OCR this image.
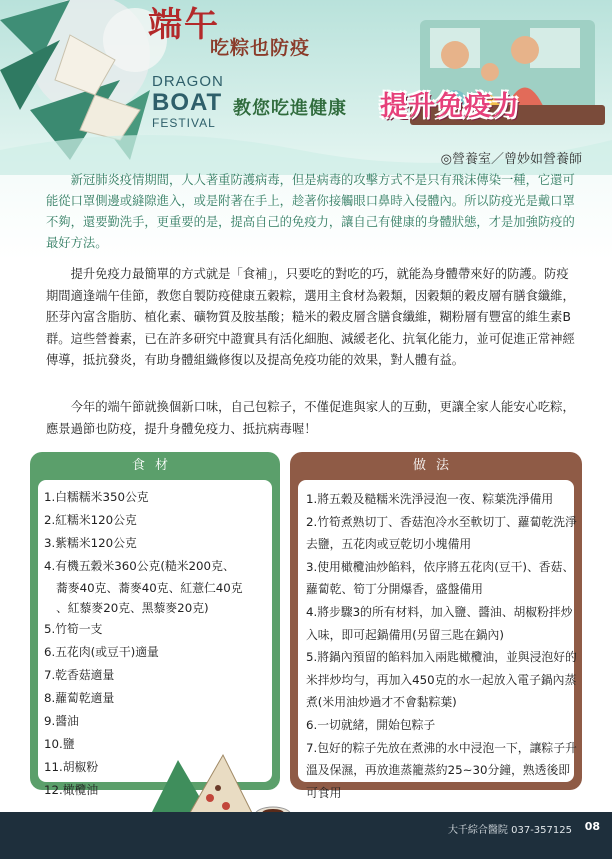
端午
DRAGON
BOAT
FESTIVAL
吃粽也防疫
教您吃進健康 提升免疫力
◎營養室／曾妙如營養師

新冠肺炎疫情期間，人人著重防護病毒，但是病毒的攻擊方式不是只有飛沫傳染一種，它還可能從口罩側邊或縫隙進入，或是附著在手上，趁著你接觸眼口鼻時入侵體內。所以防疫光是戴口罩不夠，還要勤洗手，更重要的是，提高自己的免疫力，讓自己有健康的身體狀態，才是加強防疫的最好方法。

提升免疫力最簡單的方式就是「食補」，只要吃的對吃的巧，就能為身體帶來好的防護。防疫期間適逢端午佳節，教您自製防疫健康五穀粽，選用主食材為穀類，因穀類的穀皮層有膳食纖維，胚芽內富含脂肪、植化素、礦物質及胺基酸；糙米的穀皮層含膳食纖維，糊粉層有豐富的維生素B 群。這些營養素，已在許多研究中證實具有活化細胞、減緩老化、抗氧化能力，並可促進正常神經傳導，抵抗發炎，有助身體組織修復以及提高免疫功能的效果，對人體有益。

今年的端午節就換個新口味，自己包粽子，不僅促進與家人的互動，更讓全家人能安心吃粽，應景過節也防疫，提升身體免疫力、抵抗病毒喔！

食材
1.白糯糯米350公克
2.紅糯米120公克
3.紫糯米120公克
4.有機五穀米360公克(糙米200克、
蕎麥40克、蕎麥40克、紅薏仁40克
、紅藜麥20克、黑藜麥20克)
5.竹筍一支
6.五花肉(或豆干)適量
7.乾香菇適量
8.蘿蔔乾適量
9.醬油
10.鹽
11.胡椒粉
12.橄欖油
做法
1.將五穀及糙糯米洗淨浸泡一夜、粽葉洗淨備用
2.竹筍煮熟切丁、香菇泡冷水至軟切丁、蘿蔔乾洗淨去鹽，五花肉或豆乾切小塊備用
3.使用橄欖油炒餡料，依序將五花肉(豆干)、香菇、蘿蔔乾、筍丁分開爆香，盛盤備用
4.將步驟3的所有材料，加入鹽、醬油、胡椒粉拌炒入味，即可起鍋備用(另留三匙在鍋內)
5.將鍋內預留的餡料加入兩匙橄欖油，並與浸泡好的米拌炒均勻，再加入450克的水一起放入電子鍋內蒸煮(米用油炒過才不會黏粽葉)
6.一切就緒，開始包粽子
7.包好的粽子先放在煮沸的水中浸泡一下，讓粽子升溫及保濕，再放進蒸籠蒸約25~30分鐘，熟透後即可食用
大千綜合醫院 037-357125 08
